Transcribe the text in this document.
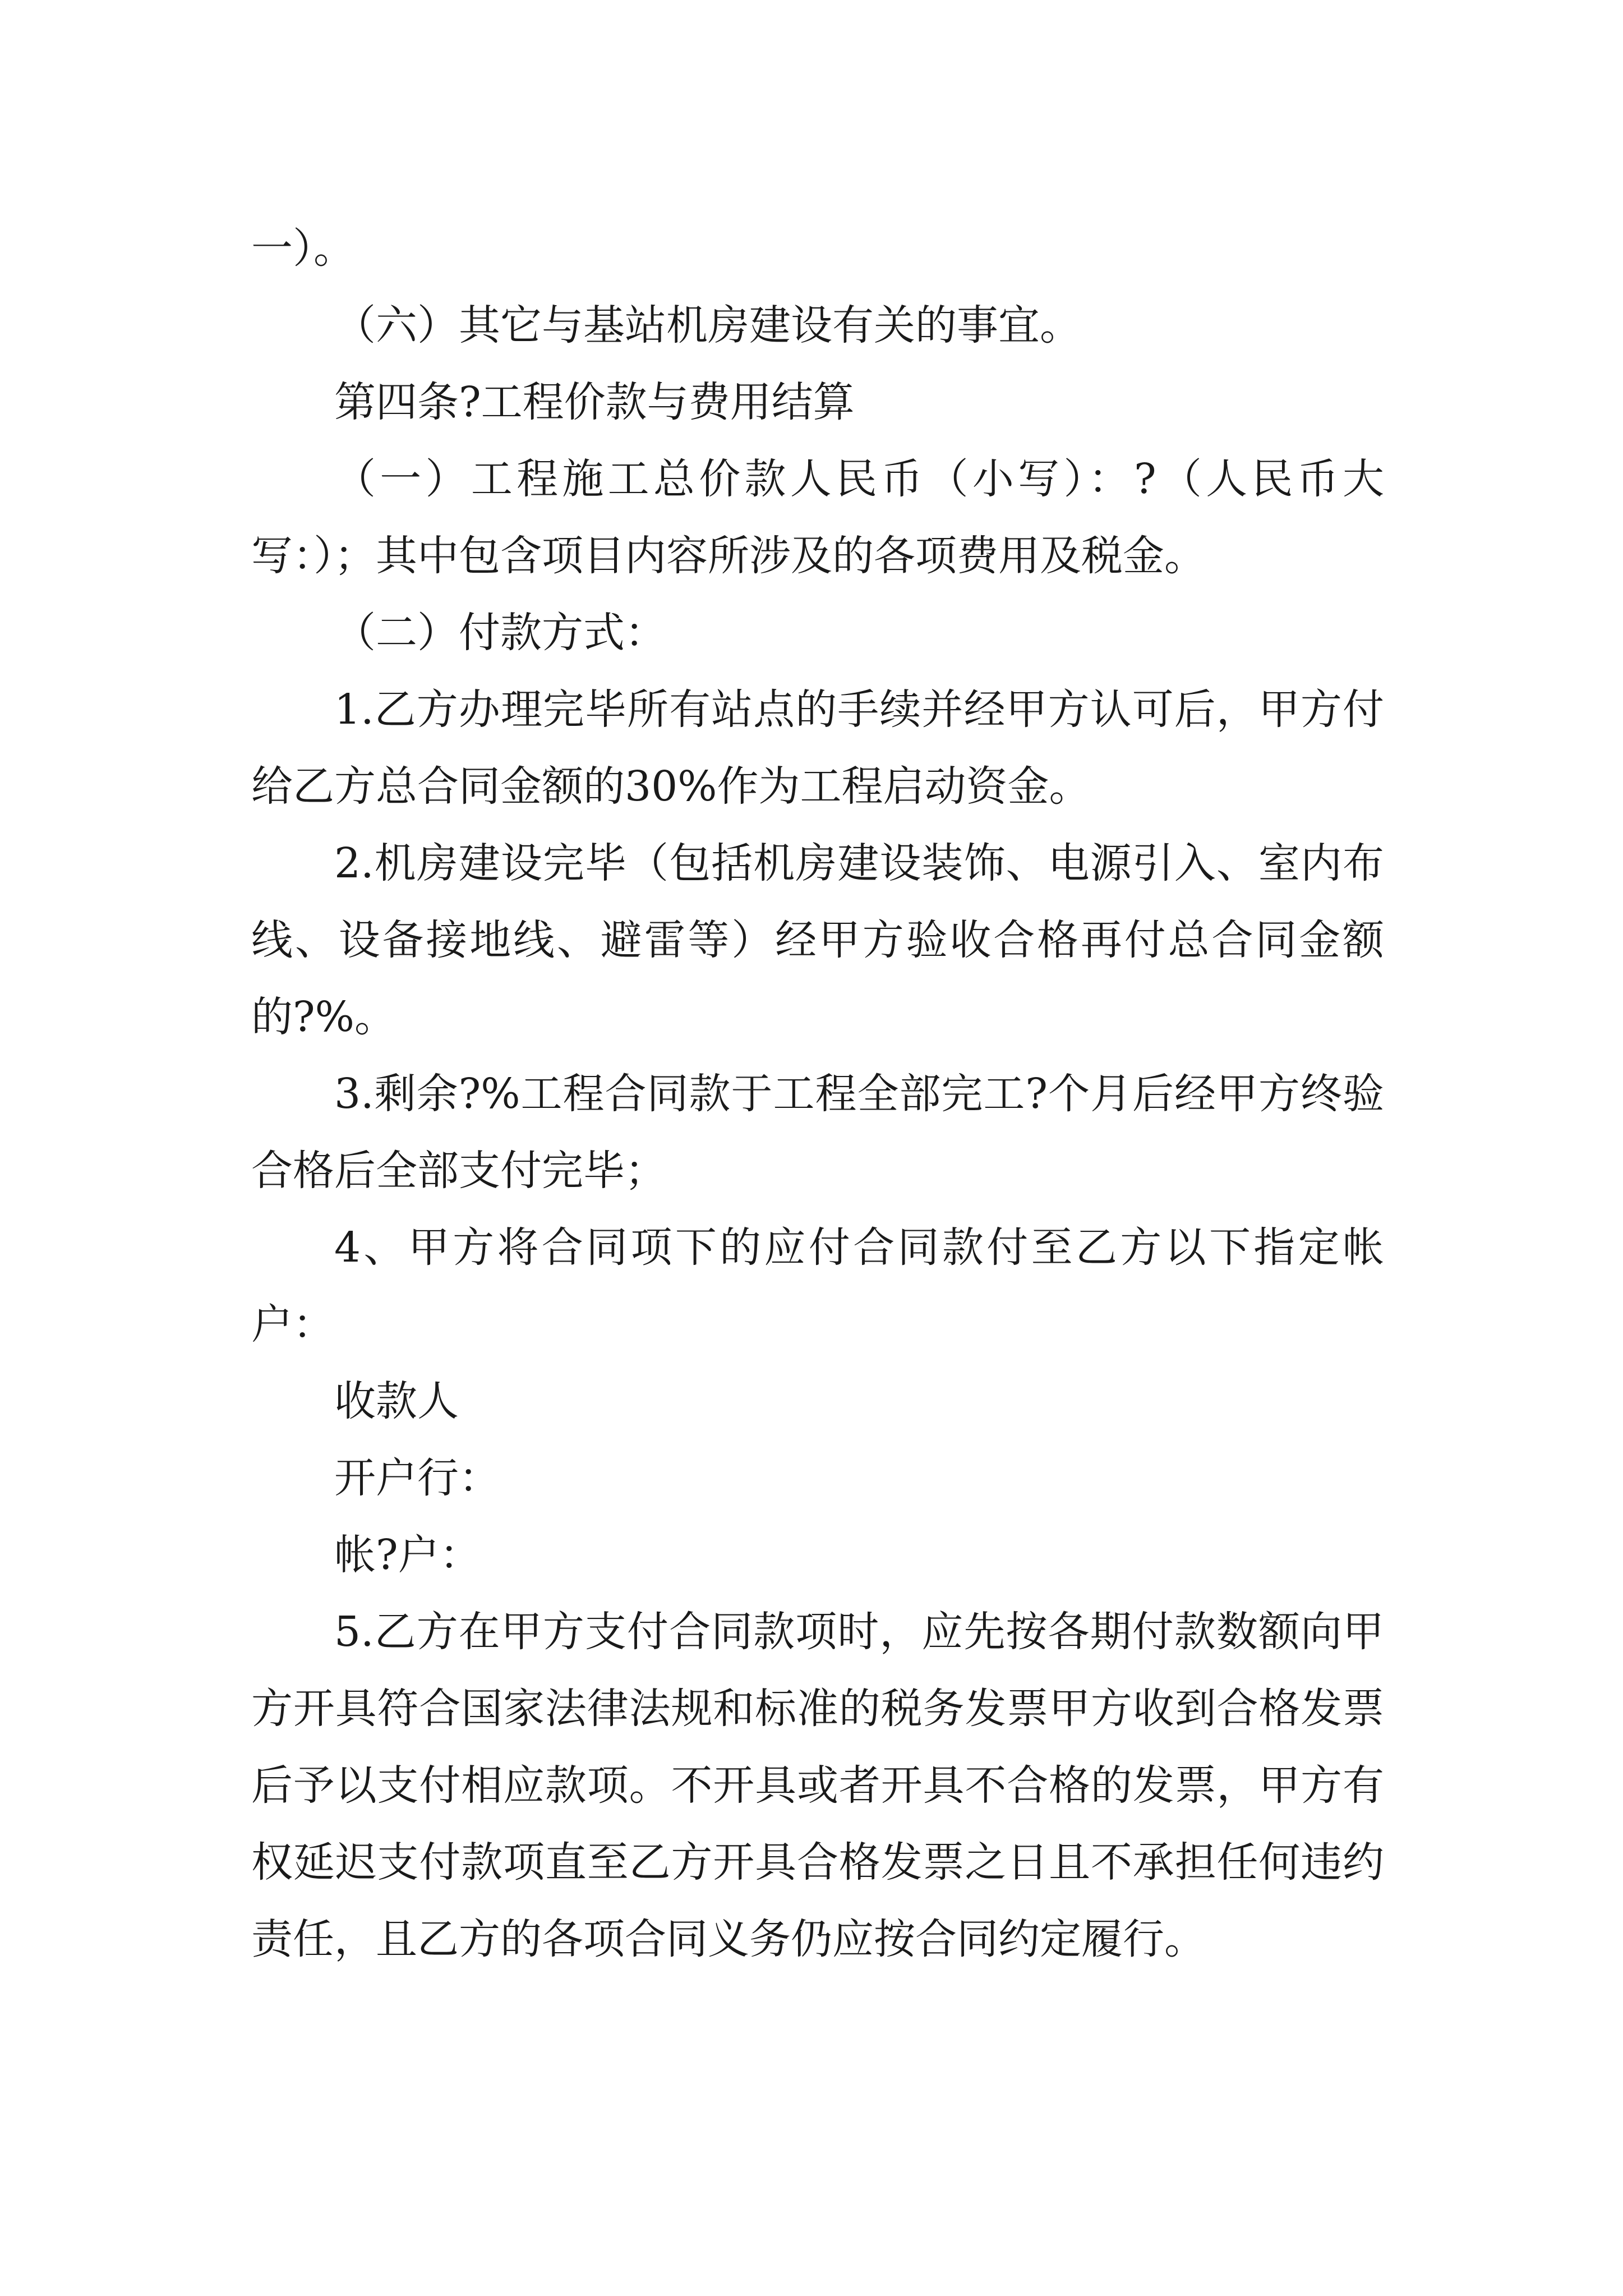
一）。

（六）其它与基站机房建设有关的事宜。

第四条?工程价款与费用结算

（一）工程施工总价款人民币（小写）：?（人民币大写：）；其中包含项目内容所涉及的各项费用及税金。

（二）付款方式：

1.乙方办理完毕所有站点的手续并经甲方认可后，甲方付给乙方总合同金额的30%作为工程启动资金。

2.机房建设完毕（包括机房建设装饰、电源引入、室内布线、设备接地线、避雷等）经甲方验收合格再付总合同金额的?%。

3.剩余?%工程合同款于工程全部完工?个月后经甲方终验合格后全部支付完毕；

4、甲方将合同项下的应付合同款付至乙方以下指定帐户：

收款人

开户行：

帐?户：

5.乙方在甲方支付合同款项时，应先按各期付款数额向甲方开具符合国家法律法规和标准的税务发票甲方收到合格发票后予以支付相应款项。不开具或者开具不合格的发票，甲方有权延迟支付款项直至乙方开具合格发票之日且不承担任何违约责任，且乙方的各项合同义务仍应按合同约定履行。
